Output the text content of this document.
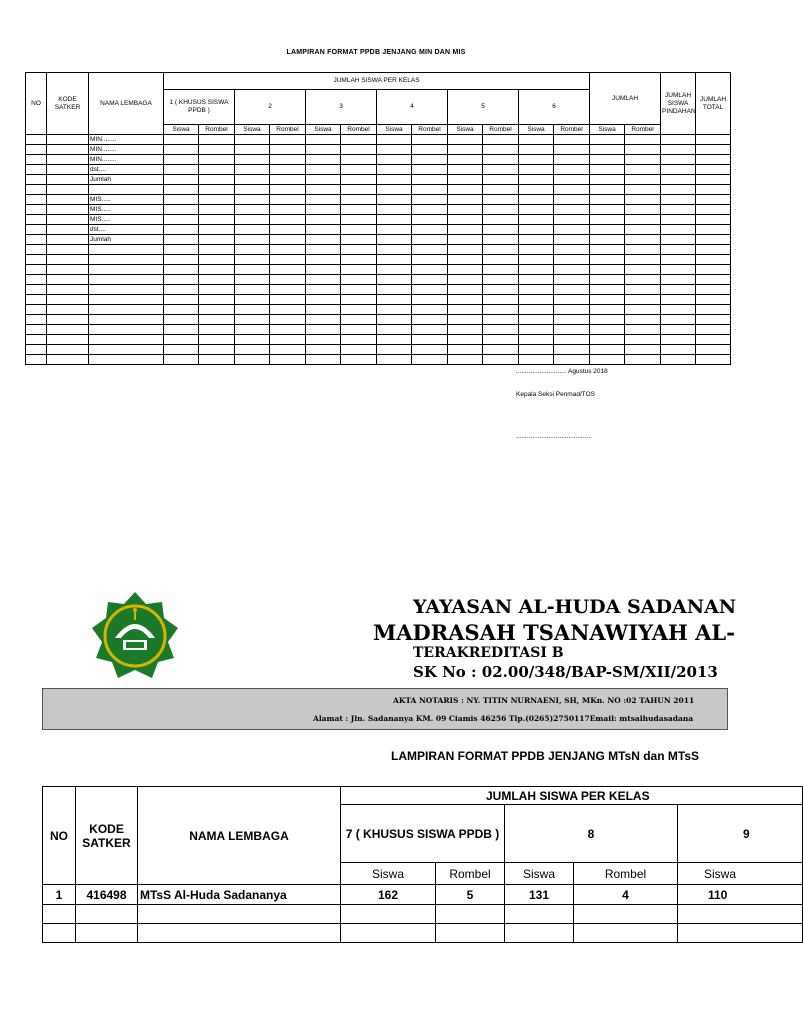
LAMPIRAN FORMAT PPDB JENJANG MIN DAN MIS
NO	KODE SATKER	NAMA LEMBAGA	JUMLAH SISWA PER KELAS												JUMLAH		JUMLAH SISWA PINDAHAN	JUMLAH TOTAL
			1 ( KHUSUS SISWA PPDB )		2		3		4		5		6					
			Siswa	Rombel	Siswa	Rombel	Siswa	Rombel	Siswa	Rombel	Siswa	Rombel	Siswa	Rombel	Siswa	Rombel		
		MIN........																
		MIN........																
		MIN........																
		dst....																
		Jumlah																

		MIS.....																
		MIS.....																
		MIS.....																
		dst....																
		Jumlah																

............................ Agustus 2018
Kepala Seksi Penmad/TOS
..........................................
YAYASAN AL-HUDA SADANAN
MADRASAH TSANAWIYAH AL-
TERAKREDITASI B
SK No : 02.00/348/BAP-SM/XII/2013
AKTA NOTARIS : NY. TITIN NURNAENI, SH, MKn. NO :02 TAHUN 2011
Alamat : Jln. Sadananya KM. 09 Ciamis 46256 Tlp.(0265)2750117Email: mtsalhudasadana
LAMPIRAN FORMAT PPDB JENJANG MTsN dan MTsS
NO	KODE SATKER	NAMA LEMBAGA	JUMLAH SISWA PER KELAS				
			7 ( KHUSUS SISWA PPDB )		8		9
			Siswa	Rombel	Siswa	Rombel	Siswa
1	416498	MTsS Al-Huda Sadananya	162	5	131	4	110
